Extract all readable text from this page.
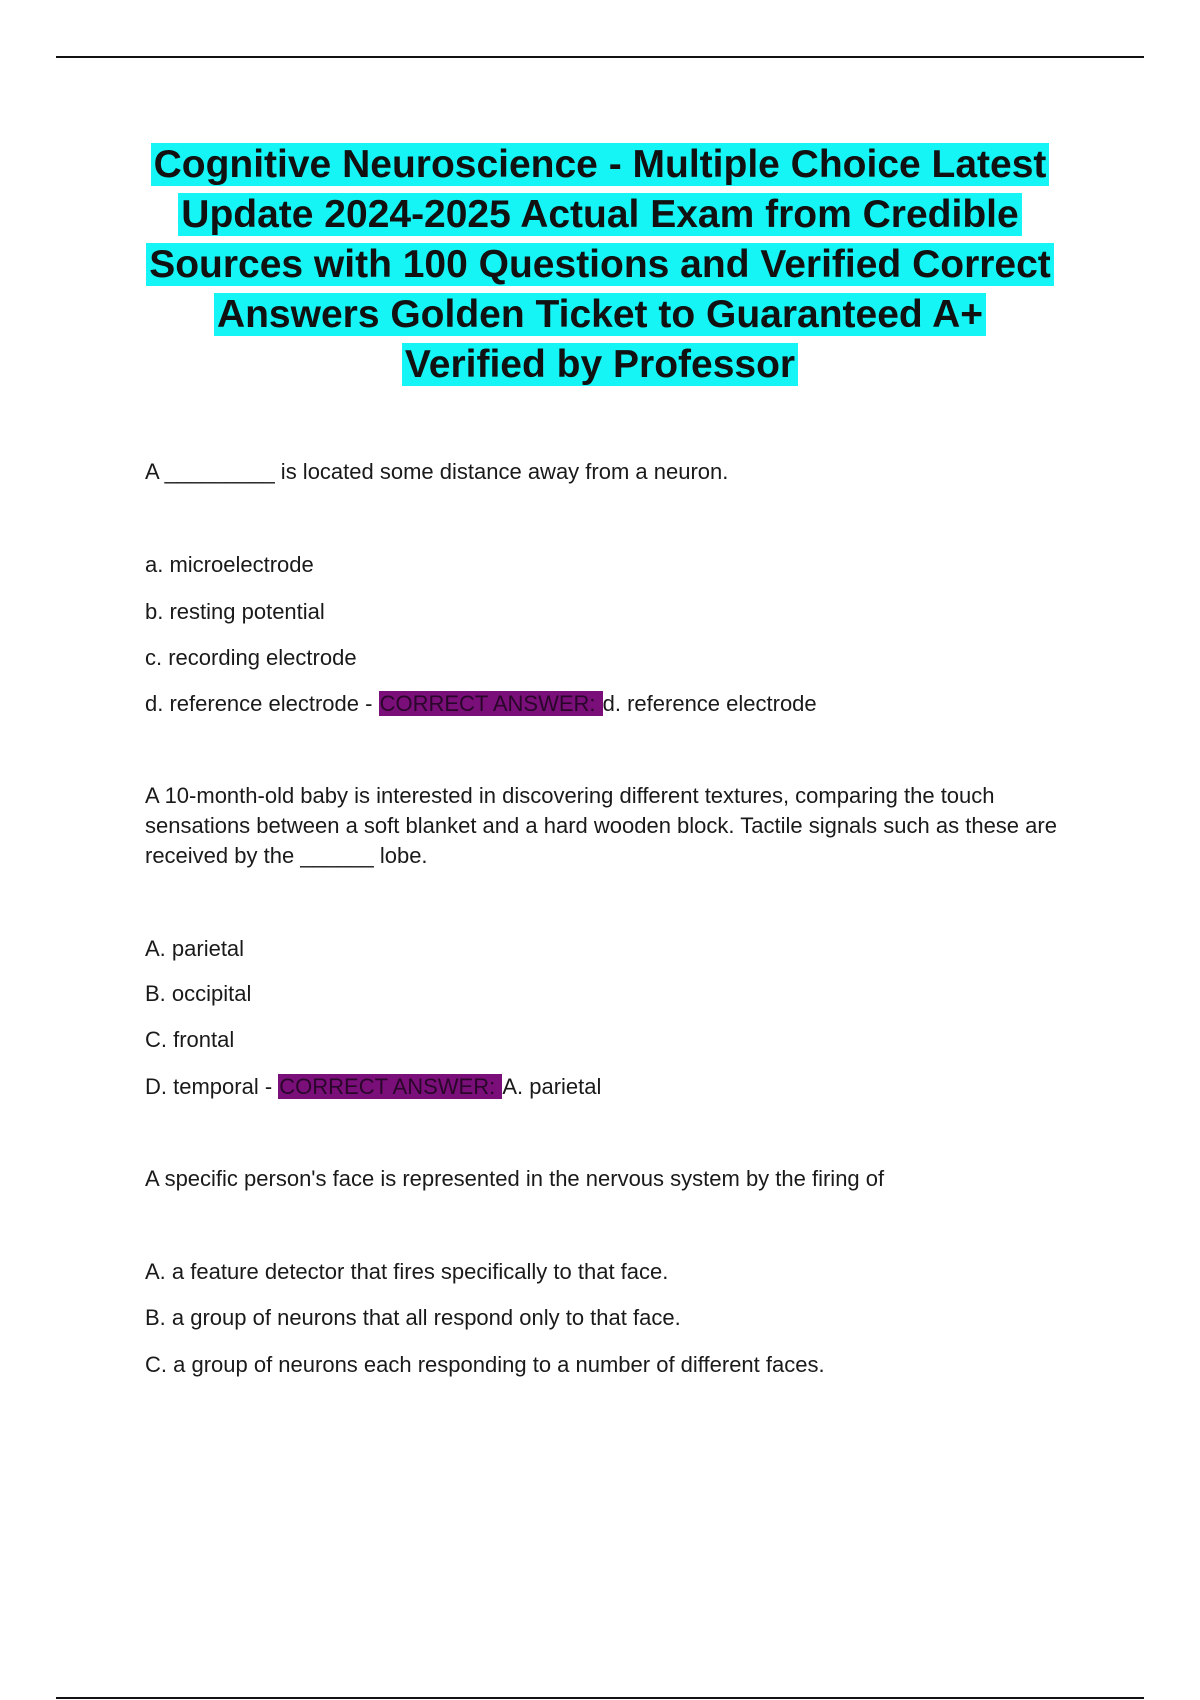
Cognitive Neuroscience - Multiple Choice Latest
Update 2024-2025 Actual Exam from Credible
Sources with 100 Questions and Verified Correct
Answers Golden Ticket to Guaranteed A+
Verified by Professor

A _________ is located some distance away from a neuron.

a. microelectrode

b. resting potential

c. recording electrode

d. reference electrode - CORRECT ANSWER: d. reference electrode

A 10-month-old baby is interested in discovering different textures, comparing the touch sensations between a soft blanket and a hard wooden block. Tactile signals such as these are received by the ______ lobe.

A. parietal

B. occipital

C. frontal

D. temporal - CORRECT ANSWER: A. parietal

A specific person's face is represented in the nervous system by the firing of

A. a feature detector that fires specifically to that face.

B. a group of neurons that all respond only to that face.

C. a group of neurons each responding to a number of different faces.
